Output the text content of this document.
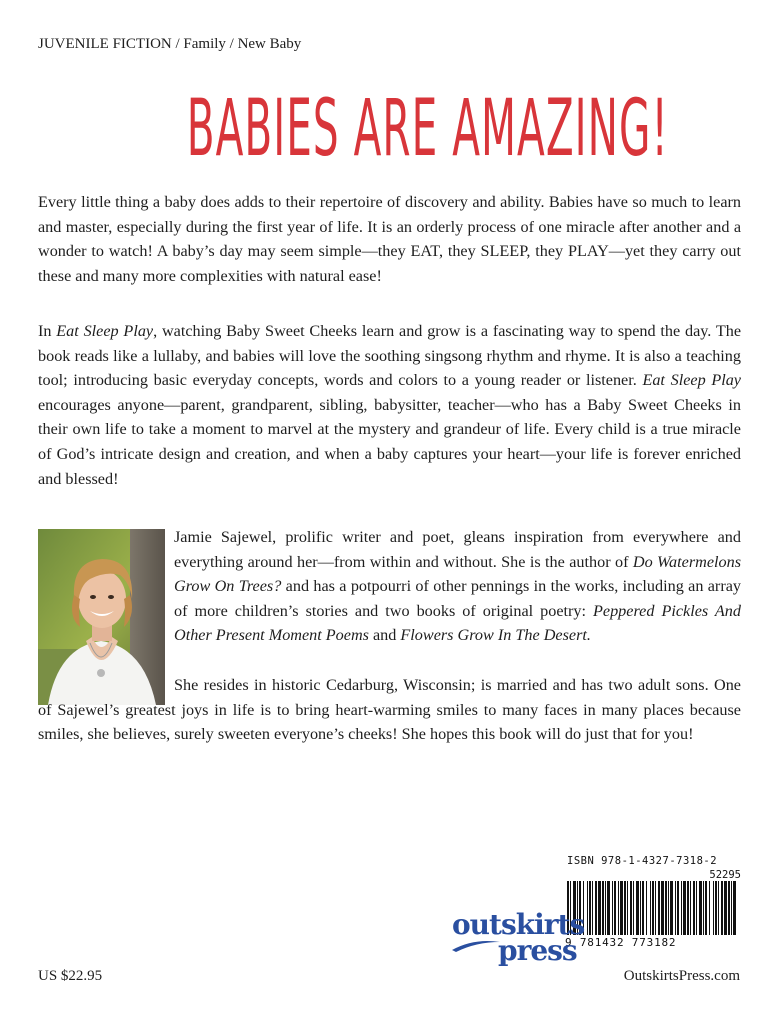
JUVENILE FICTION / Family / New Baby
BABIES ARE AMAZING!

Every little thing a baby does adds to their repertoire of discovery and ability. Babies have so much to learn and master, especially during the first year of life. It is an orderly process of one miracle after another and a wonder to watch! A baby’s day may seem simple—they EAT, they SLEEP, they PLAY—yet they carry out these and many more complexities with natural ease!

In Eat Sleep Play, watching Baby Sweet Cheeks learn and grow is a fascinating way to spend the day. The book reads like a lullaby, and babies will love the soothing singsong rhythm and rhyme. It is also a teaching tool; introducing basic everyday concepts, words and colors to a young reader or listener. Eat Sleep Play encourages anyone—parent, grandparent, sibling, babysitter, teacher—who has a Baby Sweet Cheeks in their own life to take a moment to marvel at the mystery and grandeur of life. Every child is a true miracle of God’s intricate design and creation, and when a baby captures your heart—your life is forever enriched and blessed!

Jamie Sajewel, prolific writer and poet, gleans inspiration from everywhere and everything around her—from within and without. She is the author of Do Watermelons Grow On Trees? and has a potpourri of other pennings in the works, including an array of more children’s stories and two books of original poetry: Peppered Pickles And Other Present Moment Poems and Flowers Grow In The Desert.

She resides in historic Cedarburg, Wisconsin; is married and has two adult sons. One of Sajewel’s greatest joys in life is to bring heart-warming smiles to many faces in many places because smiles, she believes, surely sweeten everyone’s cheeks! She hopes this book will do just that for you!

ISBN 978-1-4327-7318-2
52295
9 781432 773182
outskirts
press
US $22.95	OutskirtsPress.com
